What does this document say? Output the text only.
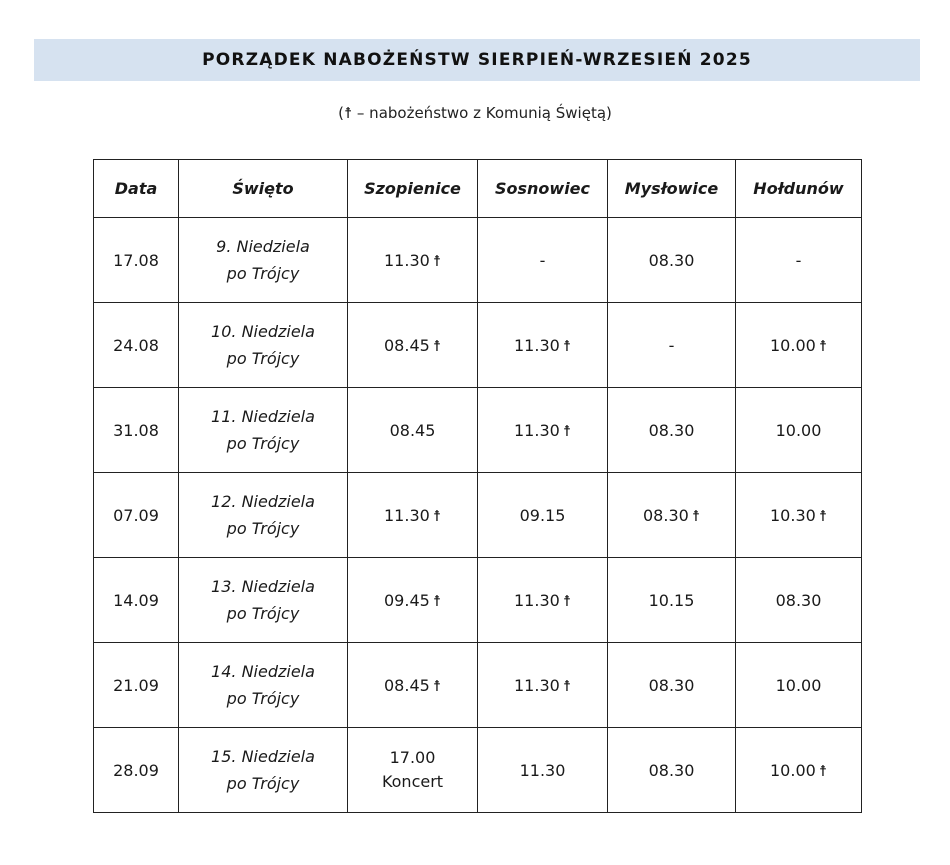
PORZĄDEK NABOŻEŃSTW SIERPIEŃ-WRZESIEŃ 2025
(☨ – nabożeństwo z Komunią Świętą)
Data	Święto	Szopienice	Sosnowiec	Mysłowice	Hołdunów
17.08	9. Niedziela
po Trójcy	11.30 ☨	-	08.30	-
24.08	10. Niedziela
po Trójcy	08.45 ☨	11.30 ☨	-	10.00 ☨
31.08	11. Niedziela
po Trójcy	08.45	11.30 ☨	08.30	10.00
07.09	12. Niedziela
po Trójcy	11.30 ☨	09.15	08.30 ☨	10.30 ☨
14.09	13. Niedziela
po Trójcy	09.45 ☨	11.30 ☨	10.15	08.30
21.09	14. Niedziela
po Trójcy	08.45 ☨	11.30 ☨	08.30	10.00
28.09	15. Niedziela
po Trójcy	17.00
Koncert	11.30	08.30	10.00 ☨
